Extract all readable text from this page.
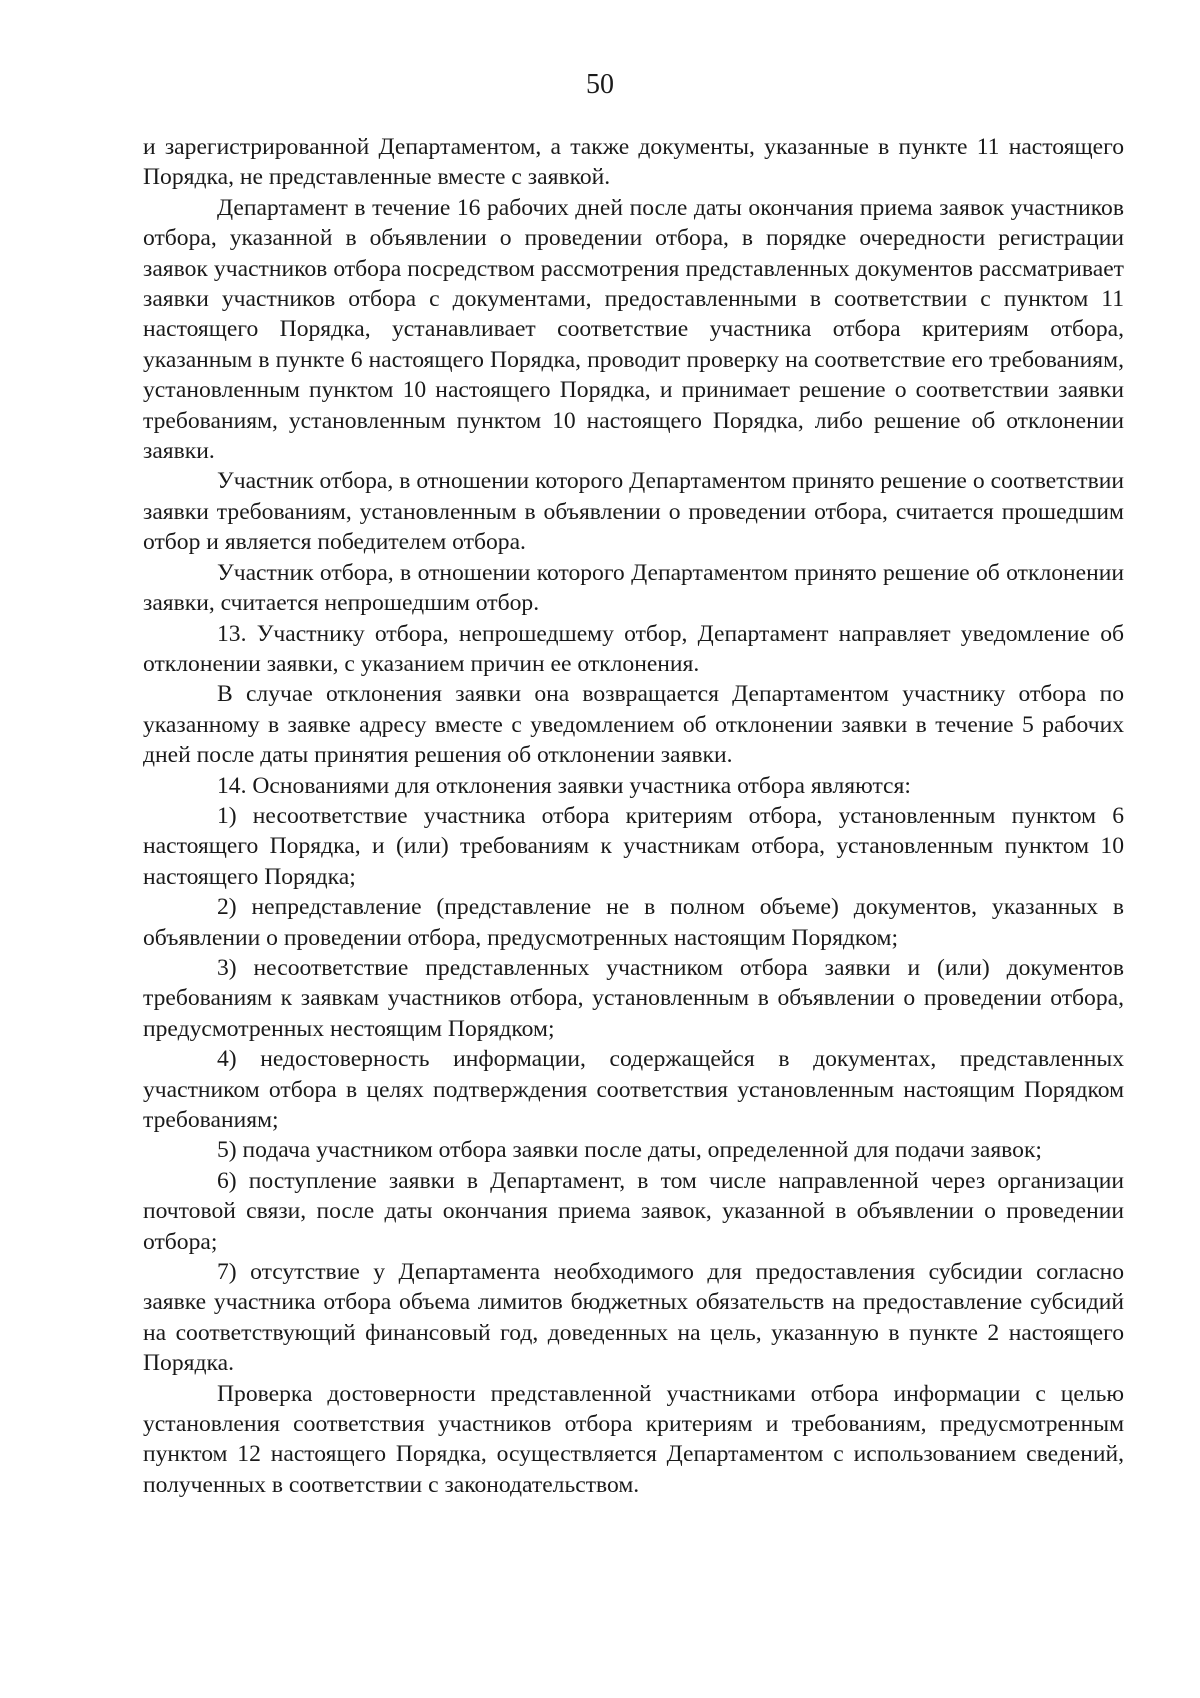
50

и зарегистрированной Департаментом, а также документы, указанные в пункте 11 настоящего Порядка, не представленные вместе с заявкой.

Департамент в течение 16 рабочих дней после даты окончания приема заявок участников отбора, указанной в объявлении о проведении отбора, в порядке очередности регистрации заявок участников отбора посредством рассмотрения представленных документов рассматривает заявки участников отбора с документами, предоставленными в соответствии с пунктом 11 настоящего Порядка, устанавливает соответствие участника отбора критериям отбора, указанным в пункте 6 настоящего Порядка, проводит проверку на соответствие его требованиям, установленным пунктом 10 настоящего Порядка, и принимает решение о соответствии заявки требованиям, установленным пунктом 10 настоящего Порядка, либо решение об отклонении заявки.

Участник отбора, в отношении которого Департаментом принято решение о соответствии заявки требованиям, установленным в объявлении о проведении отбора, считается прошедшим отбор и является победителем отбора.

Участник отбора, в отношении которого Департаментом принято решение об отклонении заявки, считается непрошедшим отбор.

13. Участнику отбора, непрошедшему отбор, Департамент направляет уведомление об отклонении заявки, с указанием причин ее отклонения.

В случае отклонения заявки она возвращается Департаментом участнику отбора по указанному в заявке адресу вместе с уведомлением об отклонении заявки в течение 5 рабочих дней после даты принятия решения об отклонении заявки.

14. Основаниями для отклонения заявки участника отбора являются:

1) несоответствие участника отбора критериям отбора, установленным пунктом 6 настоящего Порядка, и (или) требованиям к участникам отбора, установленным пунктом 10 настоящего Порядка;

2) непредставление (представление не в полном объеме) документов, указанных в объявлении о проведении отбора, предусмотренных настоящим Порядком;

3) несоответствие представленных участником отбора заявки и (или) документов требованиям к заявкам участников отбора, установленным в объявлении о проведении отбора, предусмотренных нестоящим Порядком;

4) недостоверность информации, содержащейся в документах, представленных участником отбора в целях подтверждения соответствия установленным настоящим Порядком требованиям;

5) подача участником отбора заявки после даты, определенной для подачи заявок;

6) поступление заявки в Департамент, в том числе направленной через организации почтовой связи, после даты окончания приема заявок, указанной в объявлении о проведении отбора;

7) отсутствие у Департамента необходимого для предоставления субсидии согласно заявке участника отбора объема лимитов бюджетных обязательств на предоставление субсидий на соответствующий финансовый год, доведенных на цель, указанную в пункте 2 настоящего Порядка.

Проверка достоверности представленной участниками отбора информации с целью установления соответствия участников отбора критериям и требованиям, предусмотренным пунктом 12 настоящего Порядка, осуществляется Департаментом с использованием сведений, полученных в соответствии с законодательством.
